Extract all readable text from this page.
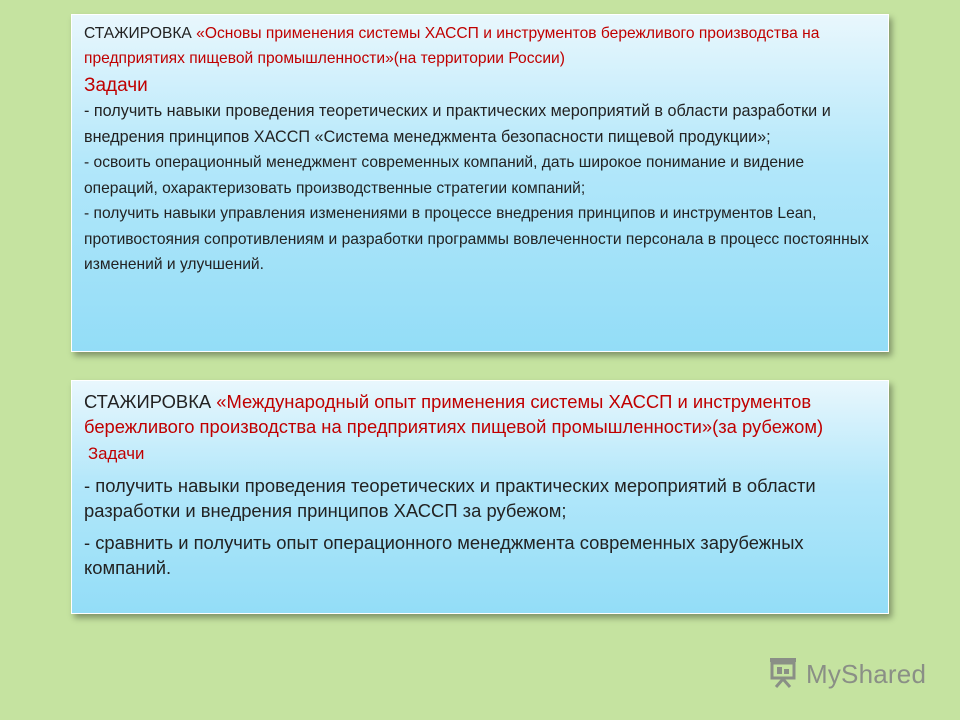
СТАЖИРОВКА «Основы применения системы ХАССП и инструментов бережливого производства на предприятиях пищевой промышленности»(на территории России)

Задачи

- получить навыки проведения теоретических и практических мероприятий в области разработки и внедрения принципов ХАССП «Система менеджмента безопасности пищевой продукции»;

- освоить операционный менеджмент современных компаний, дать широкое понимание и видение операций, охарактеризовать производственные стратегии компаний;

- получить навыки управления изменениями в процессе внедрения принципов и инструментов Lean, противостояния сопротивлениям и разработки программы вовлеченности персонала в процесс постоянных изменений и улучшений.

СТАЖИРОВКА «Международный опыт применения системы ХАССП и инструментов бережливого производства на предприятиях пищевой промышленности»(за рубежом)

Задачи

- получить навыки проведения теоретических и практических мероприятий в области разработки и внедрения принципов ХАССП за рубежом;

- сравнить и получить опыт операционного менеджмента современных зарубежных компаний.

MyShared
